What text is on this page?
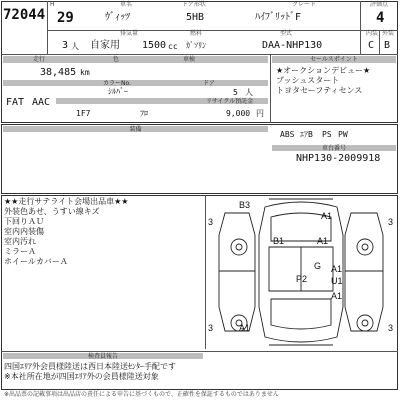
72044
H
29
車名	ドア形状	グレード	評価点
ｳﾞｨｯﾂ	5HB	ﾊｲﾌﾞﾘｯﾄﾞF	4
排気量	燃料	型式	内装 外装
3 人 自家用 1500 cc ｶﾞｿﾘﾝ	DAA-NHP130	C B
走行	色	車検	セールスポイント
38,485 km
カラーNo.	ドア
ｼﾙﾊﾞｰ	5 人
FAT AAC	リサイクル預託金
1F7	ﾌﾛ	9,000 円
★オークションデビュー★
プッシュスタート
トヨタセーフティセンス
装備
ABS ｴｱB PS PW
車台番号
NHP130-2009918
★★走行サテライト会場出品車★★
外装色あせ、うすい線キズ
下回りＡＵ
室内内装傷
室内汚れ
ミラーＡ
ホイールカバーＡ
B3
A1
B1	A1
G
P2
A1
U1
A1
A1
3	3
3	3
検査員報告
四国ｴﾘｱ外会員様陸送は西日本陸送ｾﾝﾀｰ手配です
※本社所在地が四国ｴﾘｱ外の会員様陸送対象
※出品票の記載事項は出品店の責任による申告に基づくもので、正確性を保証するものではありません
